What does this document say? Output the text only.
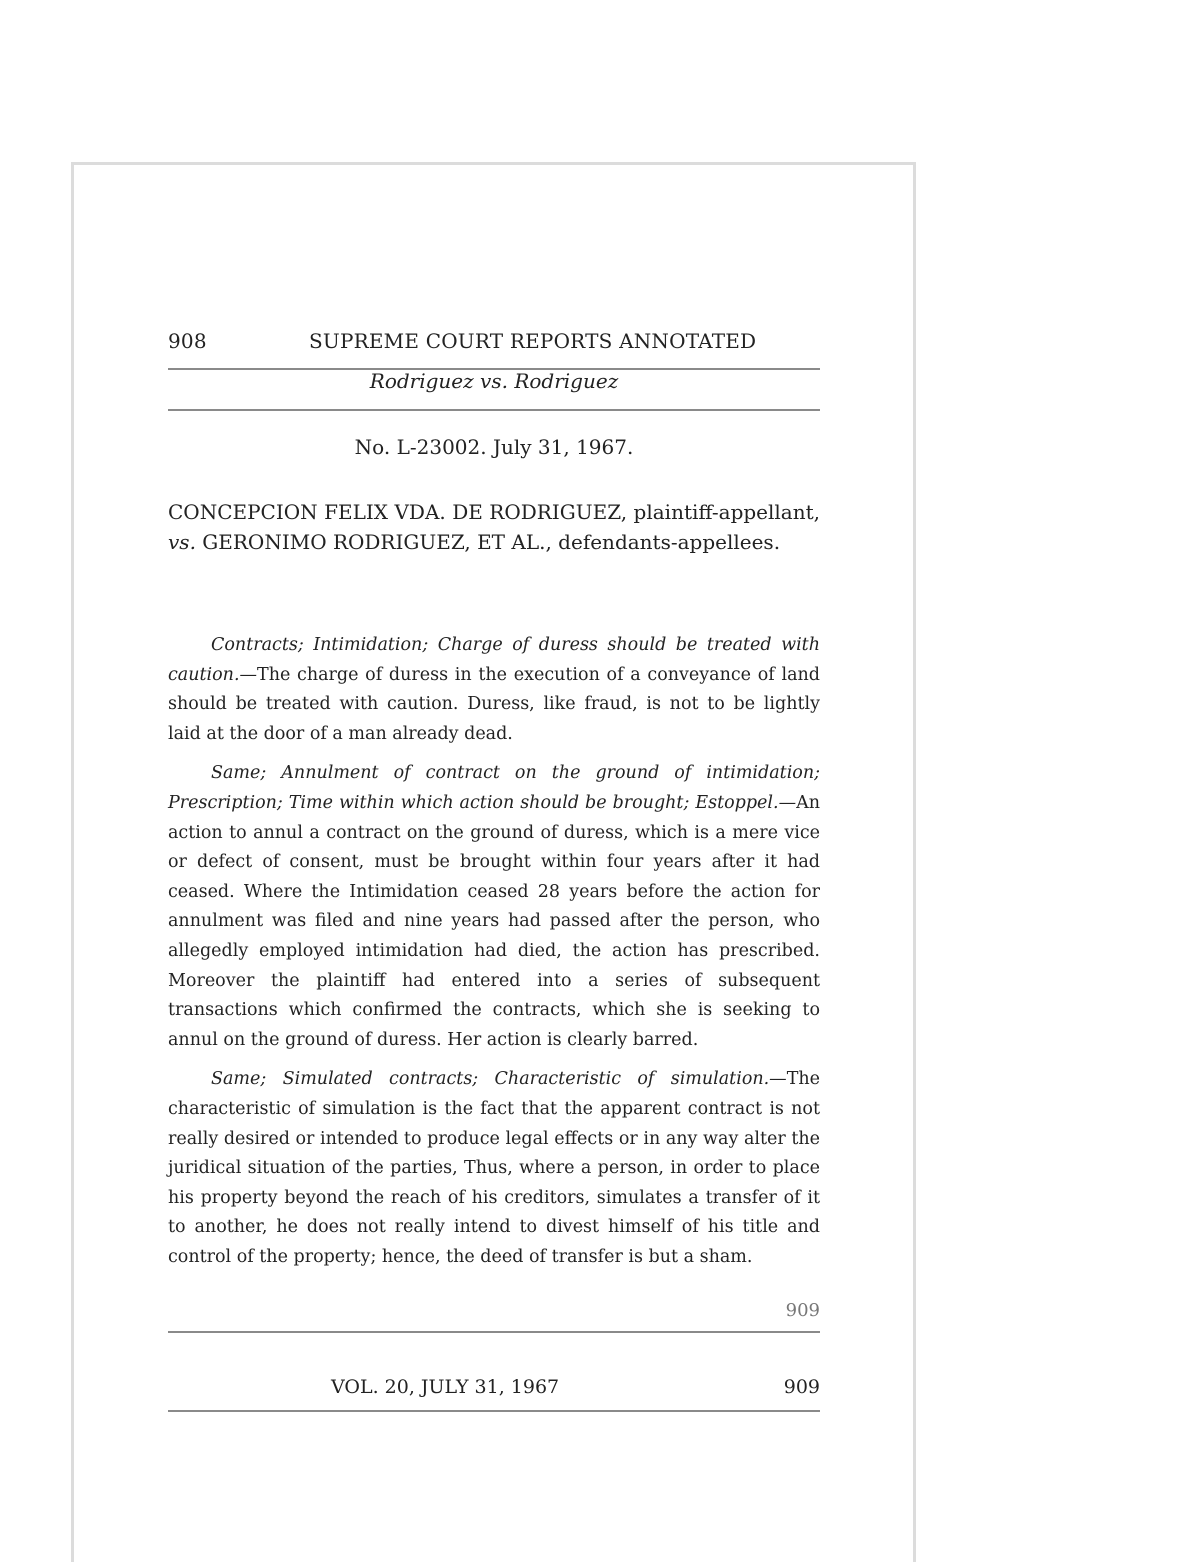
908	SUPREME COURT REPORTS ANNOTATED
Rodriguez vs. Rodriguez
No. L-23002. July 31, 1967.
CONCEPCION FELIX VDA. DE RODRIGUEZ, plaintiff-appellant, vs. GERONIMO RODRIGUEZ, ET AL., defendants-appellees.

Contracts; Intimidation; Charge of duress should be treated with caution.—The charge of duress in the execution of a conveyance of land should be treated with caution. Duress, like fraud, is not to be lightly laid at the door of a man already dead.

Same; Annulment of contract on the ground of intimidation; Prescription; Time within which action should be brought; Estoppel.—An action to annul a contract on the ground of duress, which is a mere vice or defect of consent, must be brought within four years after it had ceased. Where the Intimidation ceased 28 years before the action for annulment was filed and nine years had passed after the person, who allegedly employed intimidation had died, the action has prescribed. Moreover the plaintiff had entered into a series of subsequent transactions which confirmed the contracts, which she is seeking to annul on the ground of duress. Her action is clearly barred.

Same; Simulated contracts; Characteristic of simulation.—The characteristic of simulation is the fact that the apparent contract is not really desired or intended to produce legal effects or in any way alter the juridical situation of the parties, Thus, where a person, in order to place his property beyond the reach of his creditors, simulates a transfer of it to another, he does not really intend to divest himself of his title and control of the property; hence, the deed of transfer is but a sham.

909
VOL. 20, JULY 31, 1967	909
